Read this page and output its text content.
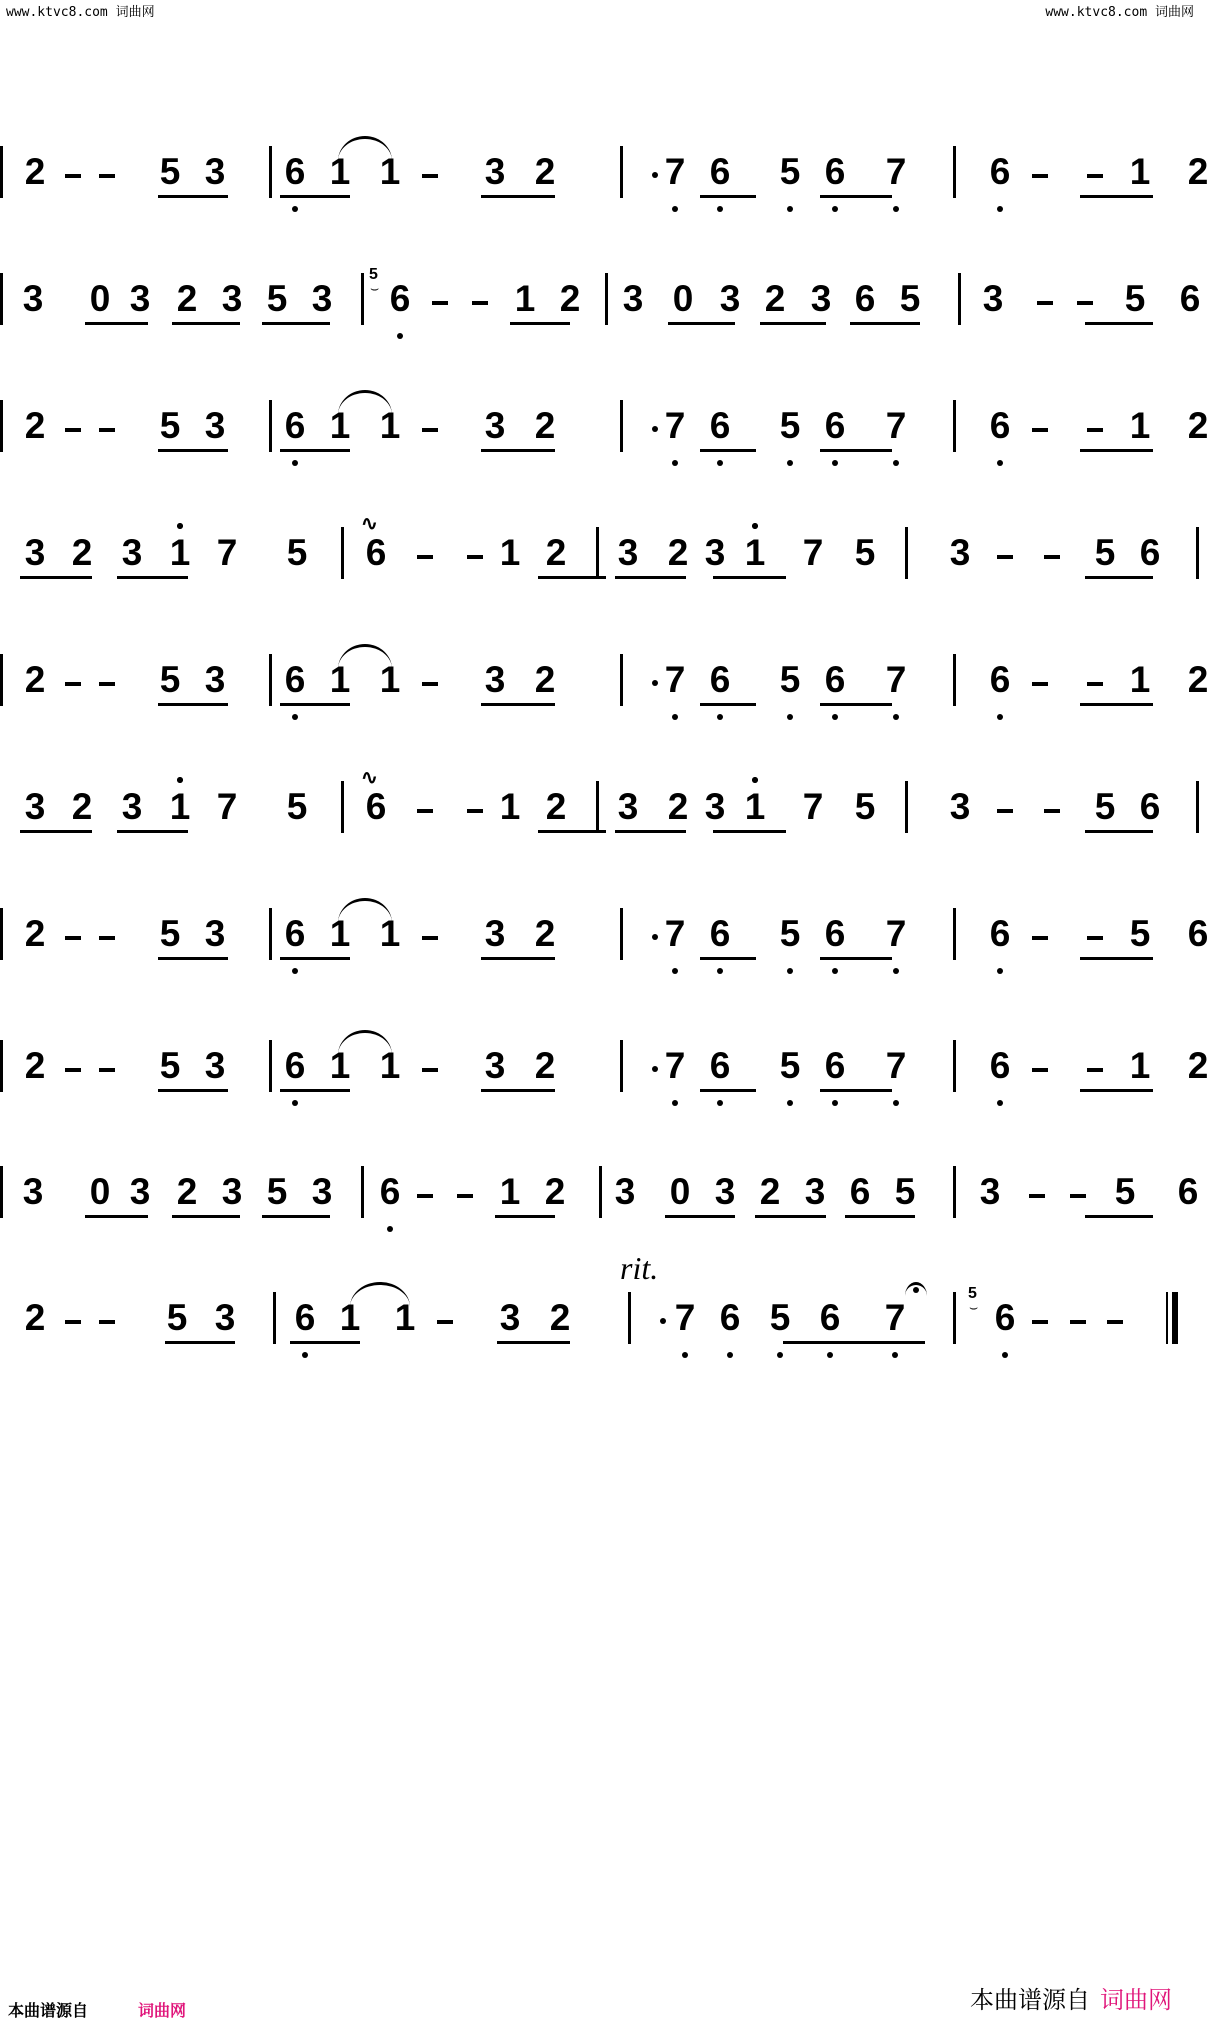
www.ktvc8.com 词曲网	www.ktvc8.com 词曲网
2	5 3 6 1 1 3 2	7 6 5 6 7 6	1 2
3 0 3 2 3 5 3 6	1 2 3 0 3 2 3 6 5 3	5 6
5
⌣
2	5 3 6 1 1 3 2	7 6 5 6 7 6	1 2
3 2 3 1 7 5 6	1 2 3 2 3 1 7 5 3	5 6
∿
2	5 3 6 1 1 3 2	7 6 5 6 7 6	1 2
3 2 3 1 7 5 6	1 2 3 2 3 1 7 5 3	5 6
∿
2	5 3 6 1 1 3 2	7 6 5 6 7 6	5 6
2	5 3 6 1 1 3 2	7 6 5 6 7 6	1 2
3 0 3 2 3 5 3 6	1 2 3 0 3 2 3 6 5 3	5 6
2	5 3 6 1 1 3 2	7 6 5 6 7 6
5
⌣
rit.
本曲谱源自	词曲网	本曲谱源自 词曲网
